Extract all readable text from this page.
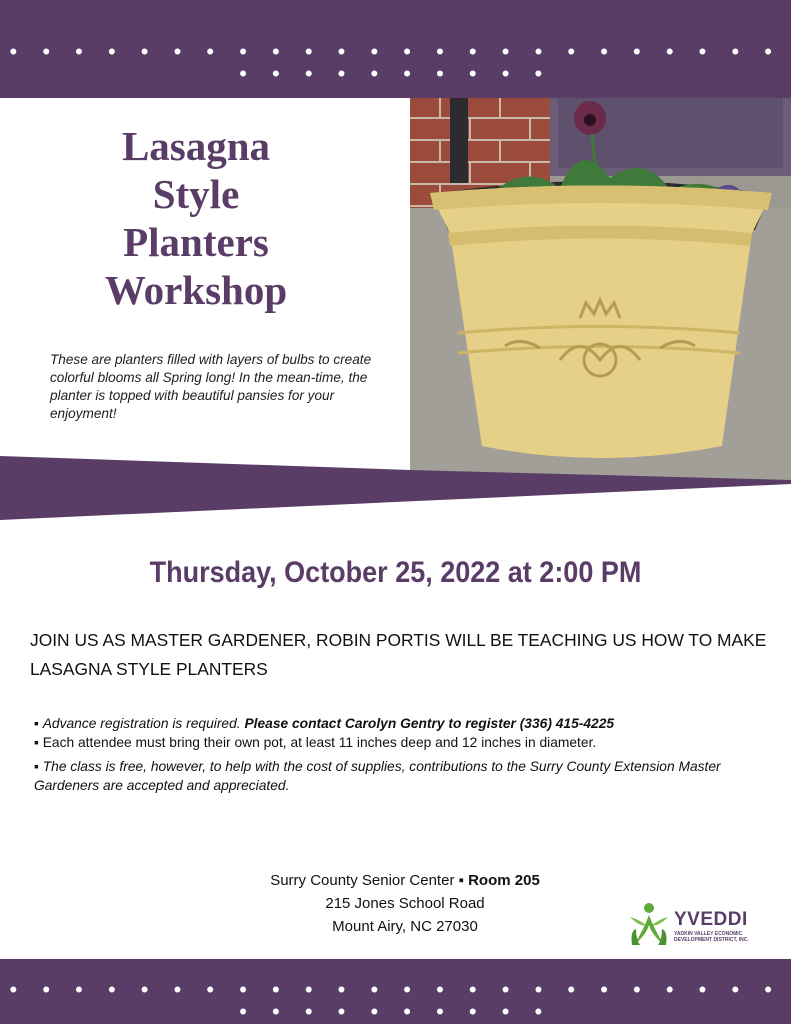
• • • • • • • • • • • • • • • • • • • • • • • • • • • • • • • • • •
Lasagna
Style
Planters
Workshop
These are planters filled with layers of bulbs to create colorful blooms all Spring long! In the mean-time, the planter is topped with beautiful pansies for your enjoyment!
Thursday, October 25, 2022 at 2:00 PM
JOIN US AS MASTER GARDENER, ROBIN PORTIS WILL BE TEACHING US HOW TO MAKE LASAGNA STYLE PLANTERS

▪ Advance registration is required. Please contact Carolyn Gentry to register (336) 415-4225

▪ Each attendee must bring their own pot, at least 11 inches deep and 12 inches in diameter.

▪ The class is free, however, to help with the cost of supplies, contributions to the Surry County Extension Master Gardeners are accepted and appreciated.

Surry County Senior Center ▪ Room 205
215 Jones School Road
Mount Airy, NC 27030	YVEDDI
YADKIN VALLEY ECONOMIC DEVELOPMENT DISTRICT, INC.
• • • • • • • • • • • • • • • • • • • • • • • • • • • • • • • • • •
